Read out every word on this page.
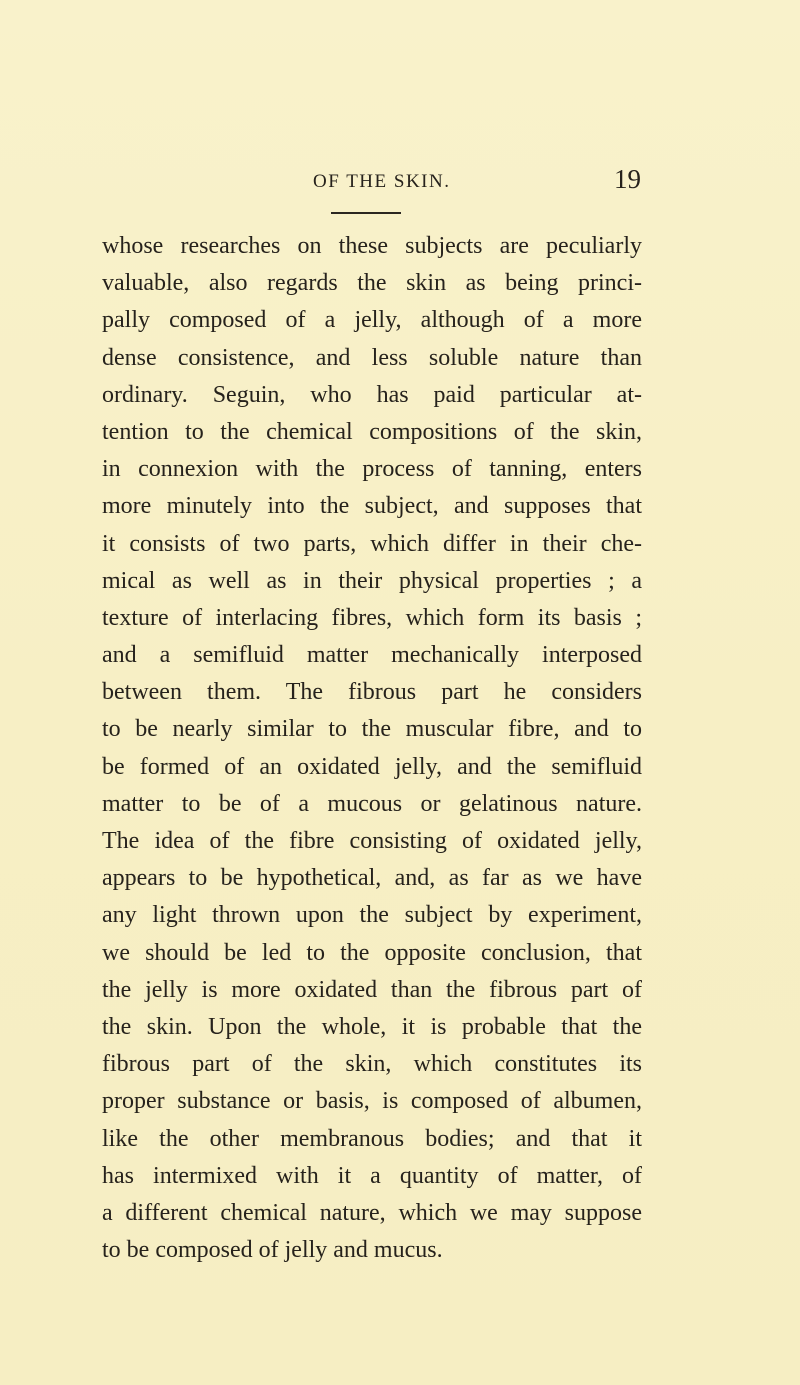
OF THE SKIN.	19
whose researches on these subjects are peculiarly
valuable, also regards the skin as being princi-
pally composed of a jelly, although of a more
dense consistence, and less soluble nature than
ordinary. Seguin, who has paid particular at-
tention to the chemical compositions of the skin,
in connexion with the process of tanning, enters
more minutely into the subject, and supposes that
it consists of two parts, which differ in their che-
mical as well as in their physical properties ; a
texture of interlacing fibres, which form its basis ;
and a semifluid matter mechanically interposed
between them. The fibrous part he considers
to be nearly similar to the muscular fibre, and to
be formed of an oxidated jelly, and the semifluid
matter to be of a mucous or gelatinous nature.
The idea of the fibre consisting of oxidated jelly,
appears to be hypothetical, and, as far as we have
any light thrown upon the subject by experiment,
we should be led to the opposite conclusion, that
the jelly is more oxidated than the fibrous part of
the skin. Upon the whole, it is probable that the
fibrous part of the skin, which constitutes its
proper substance or basis, is composed of albumen,
like the other membranous bodies; and that it
has intermixed with it a quantity of matter, of
a different chemical nature, which we may suppose
to be composed of jelly and mucus.
